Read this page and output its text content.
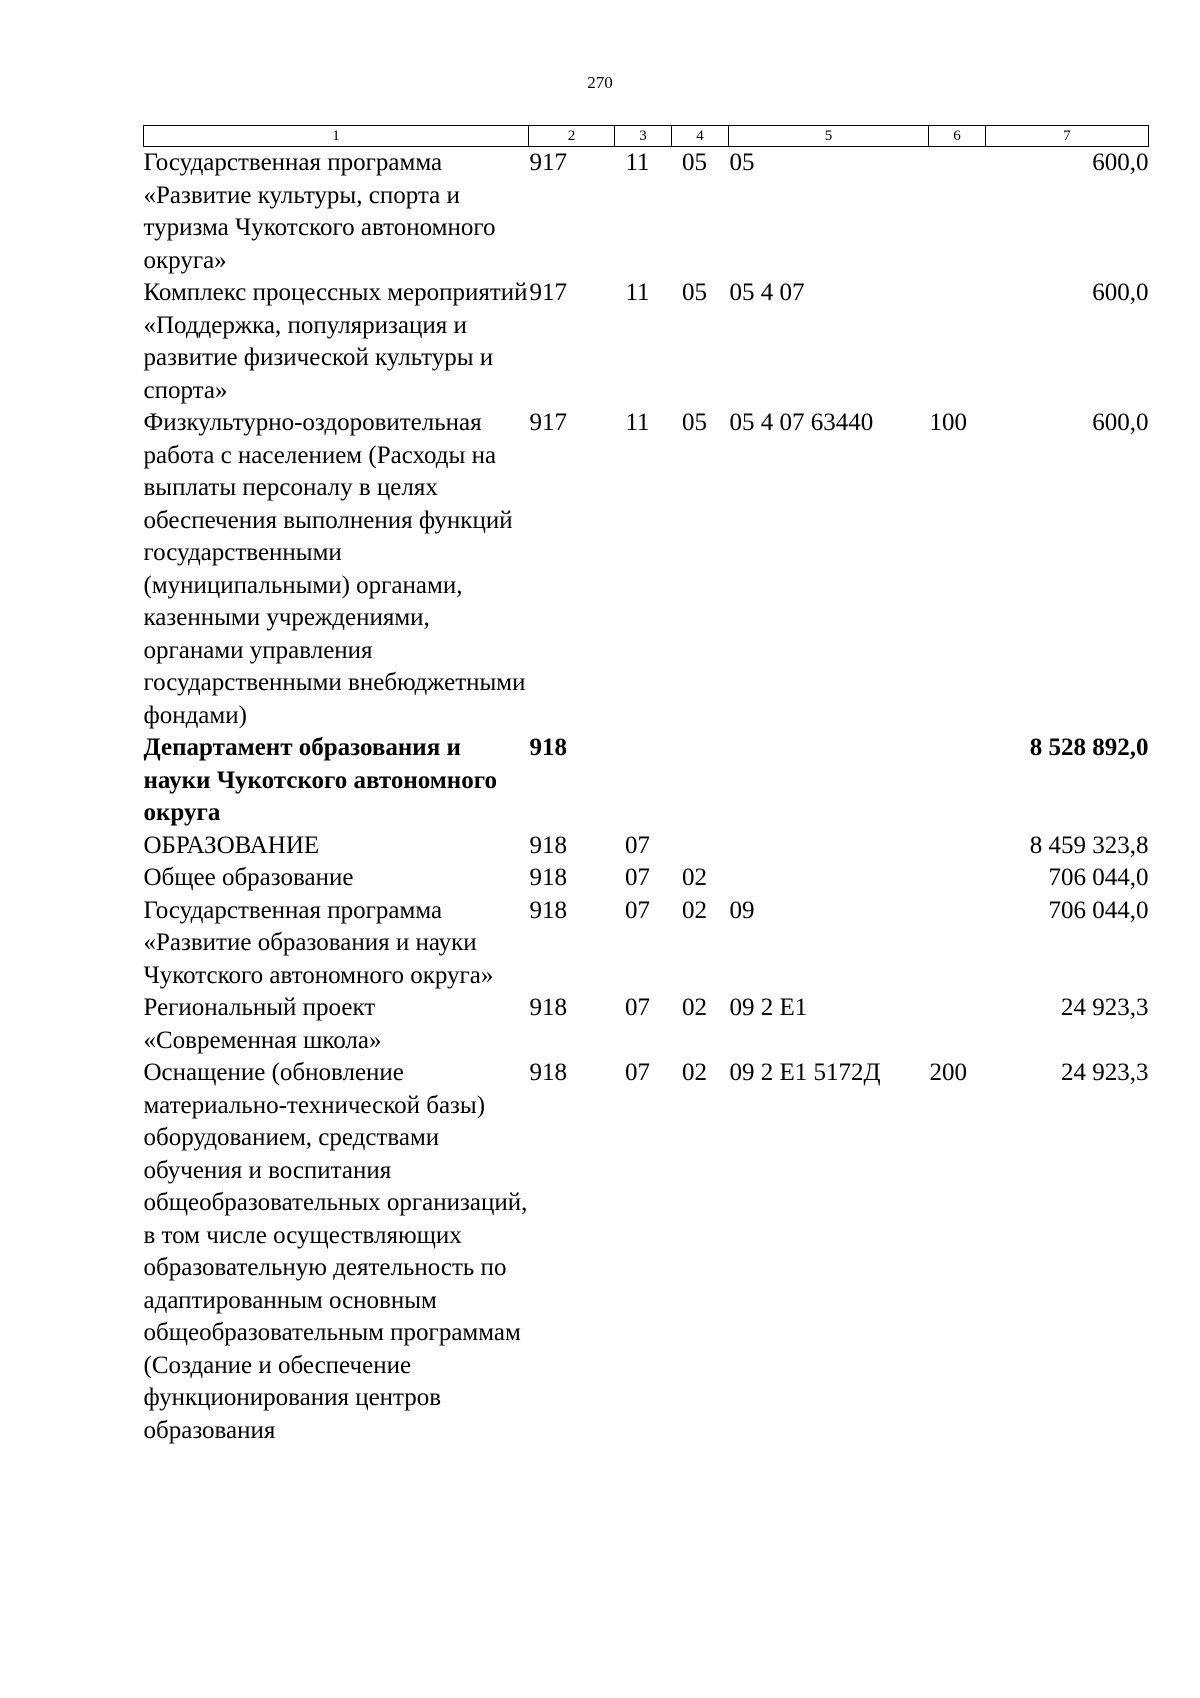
270
1	2	3	4	5	6	7
Государственная программа «Развитие культуры, спорта и туризма Чукотского автономного округа»	917	11	05	05		600,0
Комплекс процессных мероприятий «Поддержка, популяризация и развитие физической культуры и спорта»	917	11	05	05 4 07		600,0
Физкультурно-оздоровительная работа с населением (Расходы на выплаты персоналу в целях обеспечения выполнения функций государственными (муниципальными) органами, казенными учреждениями, органами управления государственными внебюджетными фондами)	917	11	05	05 4 07 63440	100	600,0
Департамент образования и науки Чукотского автономного округа	918					8 528 892,0
ОБРАЗОВАНИЕ	918	07				8 459 323,8
Общее образование	918	07	02			706 044,0
Государственная программа «Развитие образования и науки Чукотского автономного округа»	918	07	02	09		706 044,0
Региональный проект «Современная школа»	918	07	02	09 2 E1		24 923,3
Оснащение (обновление материально-технической базы) оборудованием, средствами обучения и воспитания общеобразовательных организаций, в том числе осуществляющих образовательную деятельность по адаптированным основным общеобразовательным программам (Создание и обеспечение функционирования центров образования	918	07	02	09 2 E1 5172Д	200	24 923,3
